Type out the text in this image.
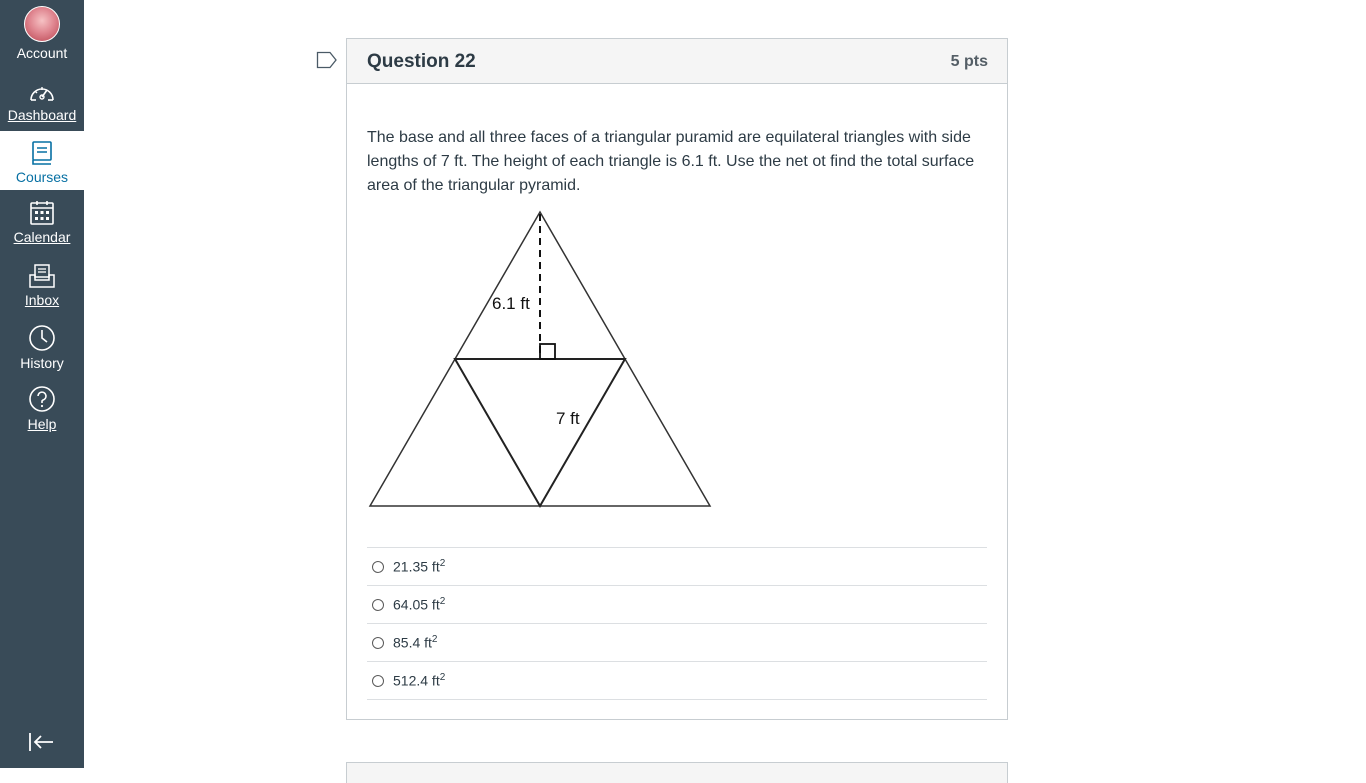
Account
Dashboard
Courses
Calendar
Inbox
History
Help
Question 22	5 pts
The base and all three faces of a triangular puramid are equilateral triangles with side lengths of 7 ft. The height of each triangle is 6.1 ft. Use the net ot find the total surface area of the triangular pyramid.
6.1 ft
7 ft
21.35 $ft^2$
64.05 $ft^2$
85.4 $ft^2$
512.4 $ft^2$
